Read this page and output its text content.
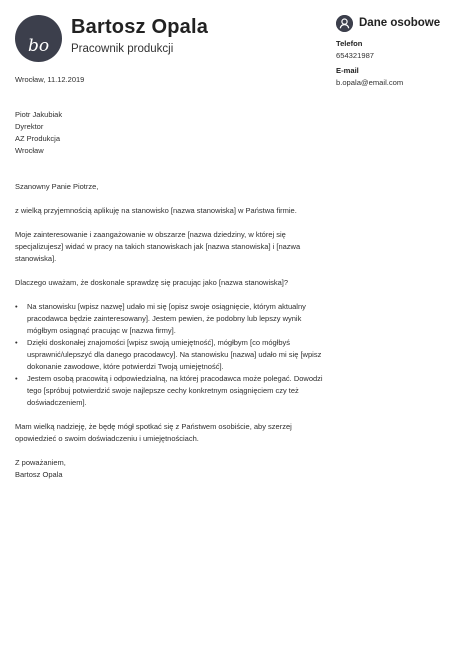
bo
Bartosz Opala
Pracownik produkcji
Dane osobowe
Telefon
654321987
E-mail
b.opala@email.com

Wrocław, 11.12.2019

Piotr Jakubiak

Dyrektor

AZ Produkcja

Wrocław

Szanowny Panie Piotrze,

z wielką przyjemnością aplikuję na stanowisko [nazwa stanowiska] w Państwa firmie.

Moje zainteresowanie i zaangażowanie w obszarze [nazwa dziedziny, w której się specjalizujesz] widać w pracy na takich stanowiskach jak [nazwa stanowiska] i [nazwa stanowiska].

Dlaczego uważam, że doskonale sprawdzę się pracując jako [nazwa stanowiska]?

• Na stanowisku [wpisz nazwę] udało mi się [opisz swoje osiągnięcie, którym aktualny pracodawca będzie zainteresowany]. Jestem pewien, że podobny lub lepszy wynik mógłbym osiągnąć pracując w [nazwa firmy].
• Dzięki doskonałej znajomości [wpisz swoją umiejętność], mógłbym [co mógłbyś usprawnić/ulepszyć dla danego pracodawcy]. Na stanowisku [nazwa] udało mi się [wpisz dokonanie zawodowe, które potwierdzi Twoją umiejętność].
• Jestem osobą pracowitą i odpowiedzialną, na której pracodawca może polegać. Dowodzi tego [spróbuj potwierdzić swoje najlepsze cechy konkretnym osiągnięciem czy też doświadczeniem].

Mam wielką nadzieję, że będę mógł spotkać się z Państwem osobiście, aby szerzej opowiedzieć o swoim doświadczeniu i umiejętnościach.

Z poważaniem,

Bartosz Opala
